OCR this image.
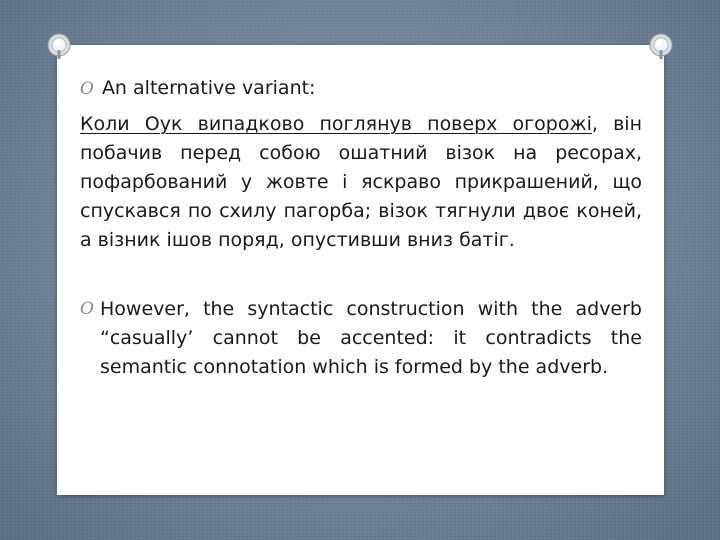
O An alternative variant:
Коли Оук випадково поглянув поверх огорожі, він побачив перед собою ошатний візок на ресорах, пофарбований у жовте і яскраво прикрашений, що спускався по схилу пагорба; візок тягнули двоє коней, а візник ішов поряд, опустивши вниз батіг.
O However, the syntactic construction with the adverb “casually’ cannot be accented: it contradicts the semantic connotation which is formed by the adverb.
